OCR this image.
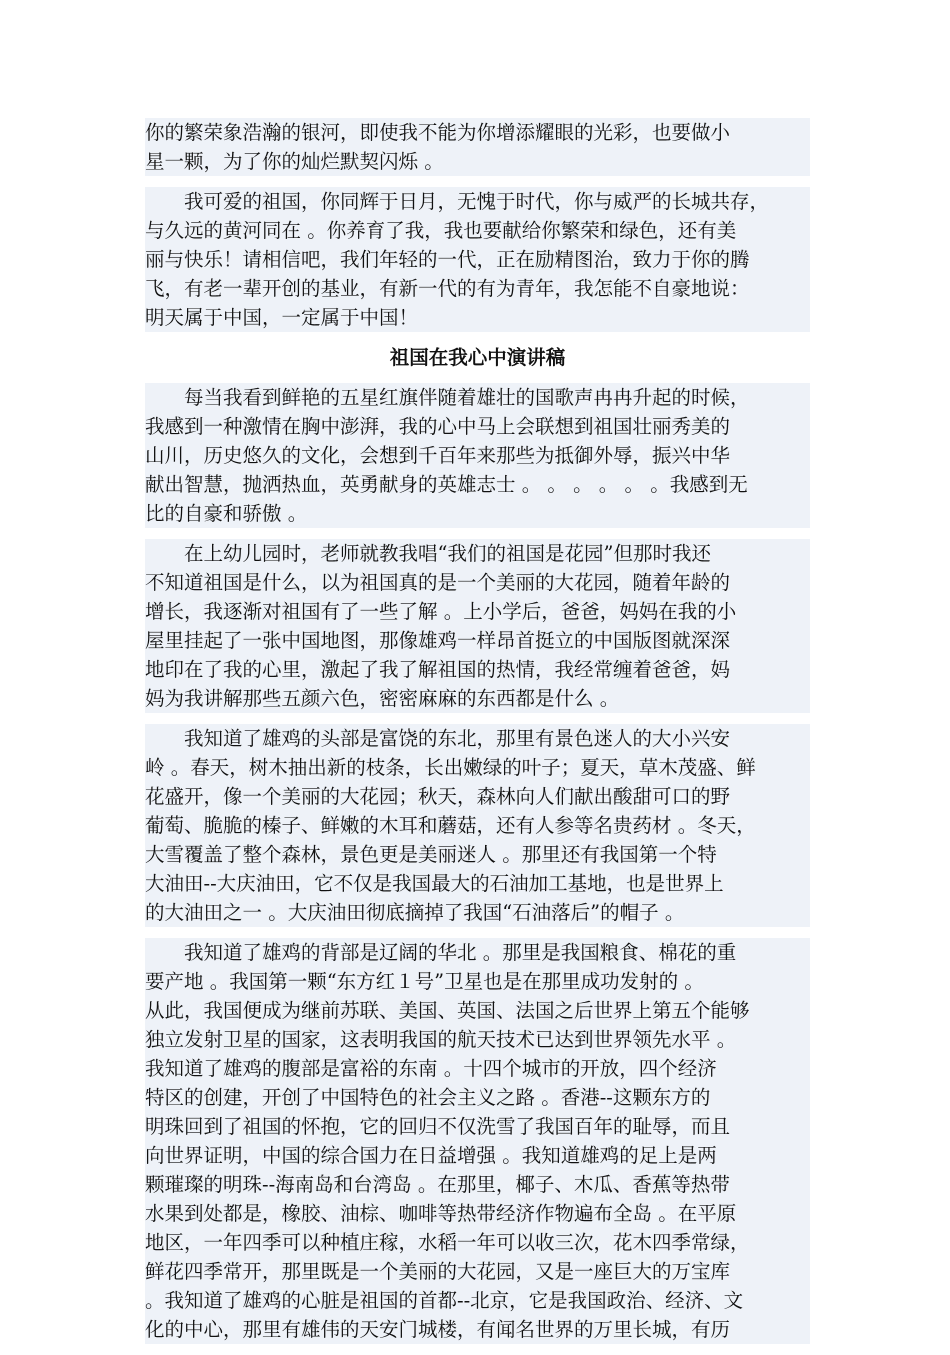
你的繁荣象浩瀚的银河，即使我不能为你增添耀眼的光彩，也要做小
星一颗，为了你的灿烂默契闪烁 。
　　我可爱的祖国，你同辉于日月，无愧于时代，你与威严的长城共存，
与久远的黄河同在 。你养育了我，我也要献给你繁荣和绿色，还有美
丽与快乐！请相信吧，我们年轻的一代，正在励精图治，致力于你的腾
飞，有老一辈开创的基业，有新一代的有为青年，我怎能不自豪地说：
明天属于中国，一定属于中国！
祖国在我心中演讲稿
　　每当我看到鲜艳的五星红旗伴随着雄壮的国歌声冉冉升起的时候，
我感到一种激情在胸中澎湃，我的心中马上会联想到祖国壮丽秀美的
山川，历史悠久的文化，会想到千百年来那些为抵御外辱，振兴中华
献出智慧，抛洒热血，英勇献身的英雄志士 。 。 。 。 。 。我感到无
比的自豪和骄傲 。
　　在上幼儿园时，老师就教我唱“我们的祖国是花园”但那时我还
不知道祖国是什么，以为祖国真的是一个美丽的大花园，随着年龄的
增长，我逐渐对祖国有了一些了解 。上小学后，爸爸，妈妈在我的小
屋里挂起了一张中国地图，那像雄鸡一样昂首挺立的中国版图就深深
地印在了我的心里，激起了我了解祖国的热情，我经常缠着爸爸，妈
妈为我讲解那些五颜六色，密密麻麻的东西都是什么 。
　　我知道了雄鸡的头部是富饶的东北，那里有景色迷人的大小兴安
岭 。春天，树木抽出新的枝条，长出嫩绿的叶子；夏天，草木茂盛、鲜
花盛开，像一个美丽的大花园；秋天，森林向人们献出酸甜可口的野
葡萄、脆脆的榛子、鲜嫩的木耳和蘑菇，还有人参等名贵药材 。冬天，
大雪覆盖了整个森林，景色更是美丽迷人 。那里还有我国第一个特
大油田--大庆油田，它不仅是我国最大的石油加工基地，也是世界上
的大油田之一 。大庆油田彻底摘掉了我国“石油落后”的帽子 。
　　我知道了雄鸡的背部是辽阔的华北 。那里是我国粮食、棉花的重
要产地 。我国第一颗“东方红１号”卫星也是在那里成功发射的 。
从此，我国便成为继前苏联、美国、英国、法国之后世界上第五个能够
独立发射卫星的国家，这表明我国的航天技术已达到世界领先水平 。
我知道了雄鸡的腹部是富裕的东南 。十四个城市的开放，四个经济
特区的创建，开创了中国特色的社会主义之路 。香港--这颗东方的
明珠回到了祖国的怀抱，它的回归不仅洗雪了我国百年的耻辱，而且
向世界证明，中国的综合国力在日益增强 。我知道雄鸡的足上是两
颗璀璨的明珠--海南岛和台湾岛 。在那里，椰子、木瓜、香蕉等热带
水果到处都是，橡胶、油棕、咖啡等热带经济作物遍布全岛 。在平原
地区，一年四季可以种植庄稼，水稻一年可以收三次，花木四季常绿，
鲜花四季常开，那里既是一个美丽的大花园，又是一座巨大的万宝库
。我知道了雄鸡的心脏是祖国的首都--北京，它是我国政治、经济、文
化的中心，那里有雄伟的天安门城楼，有闻名世界的万里长城，有历
